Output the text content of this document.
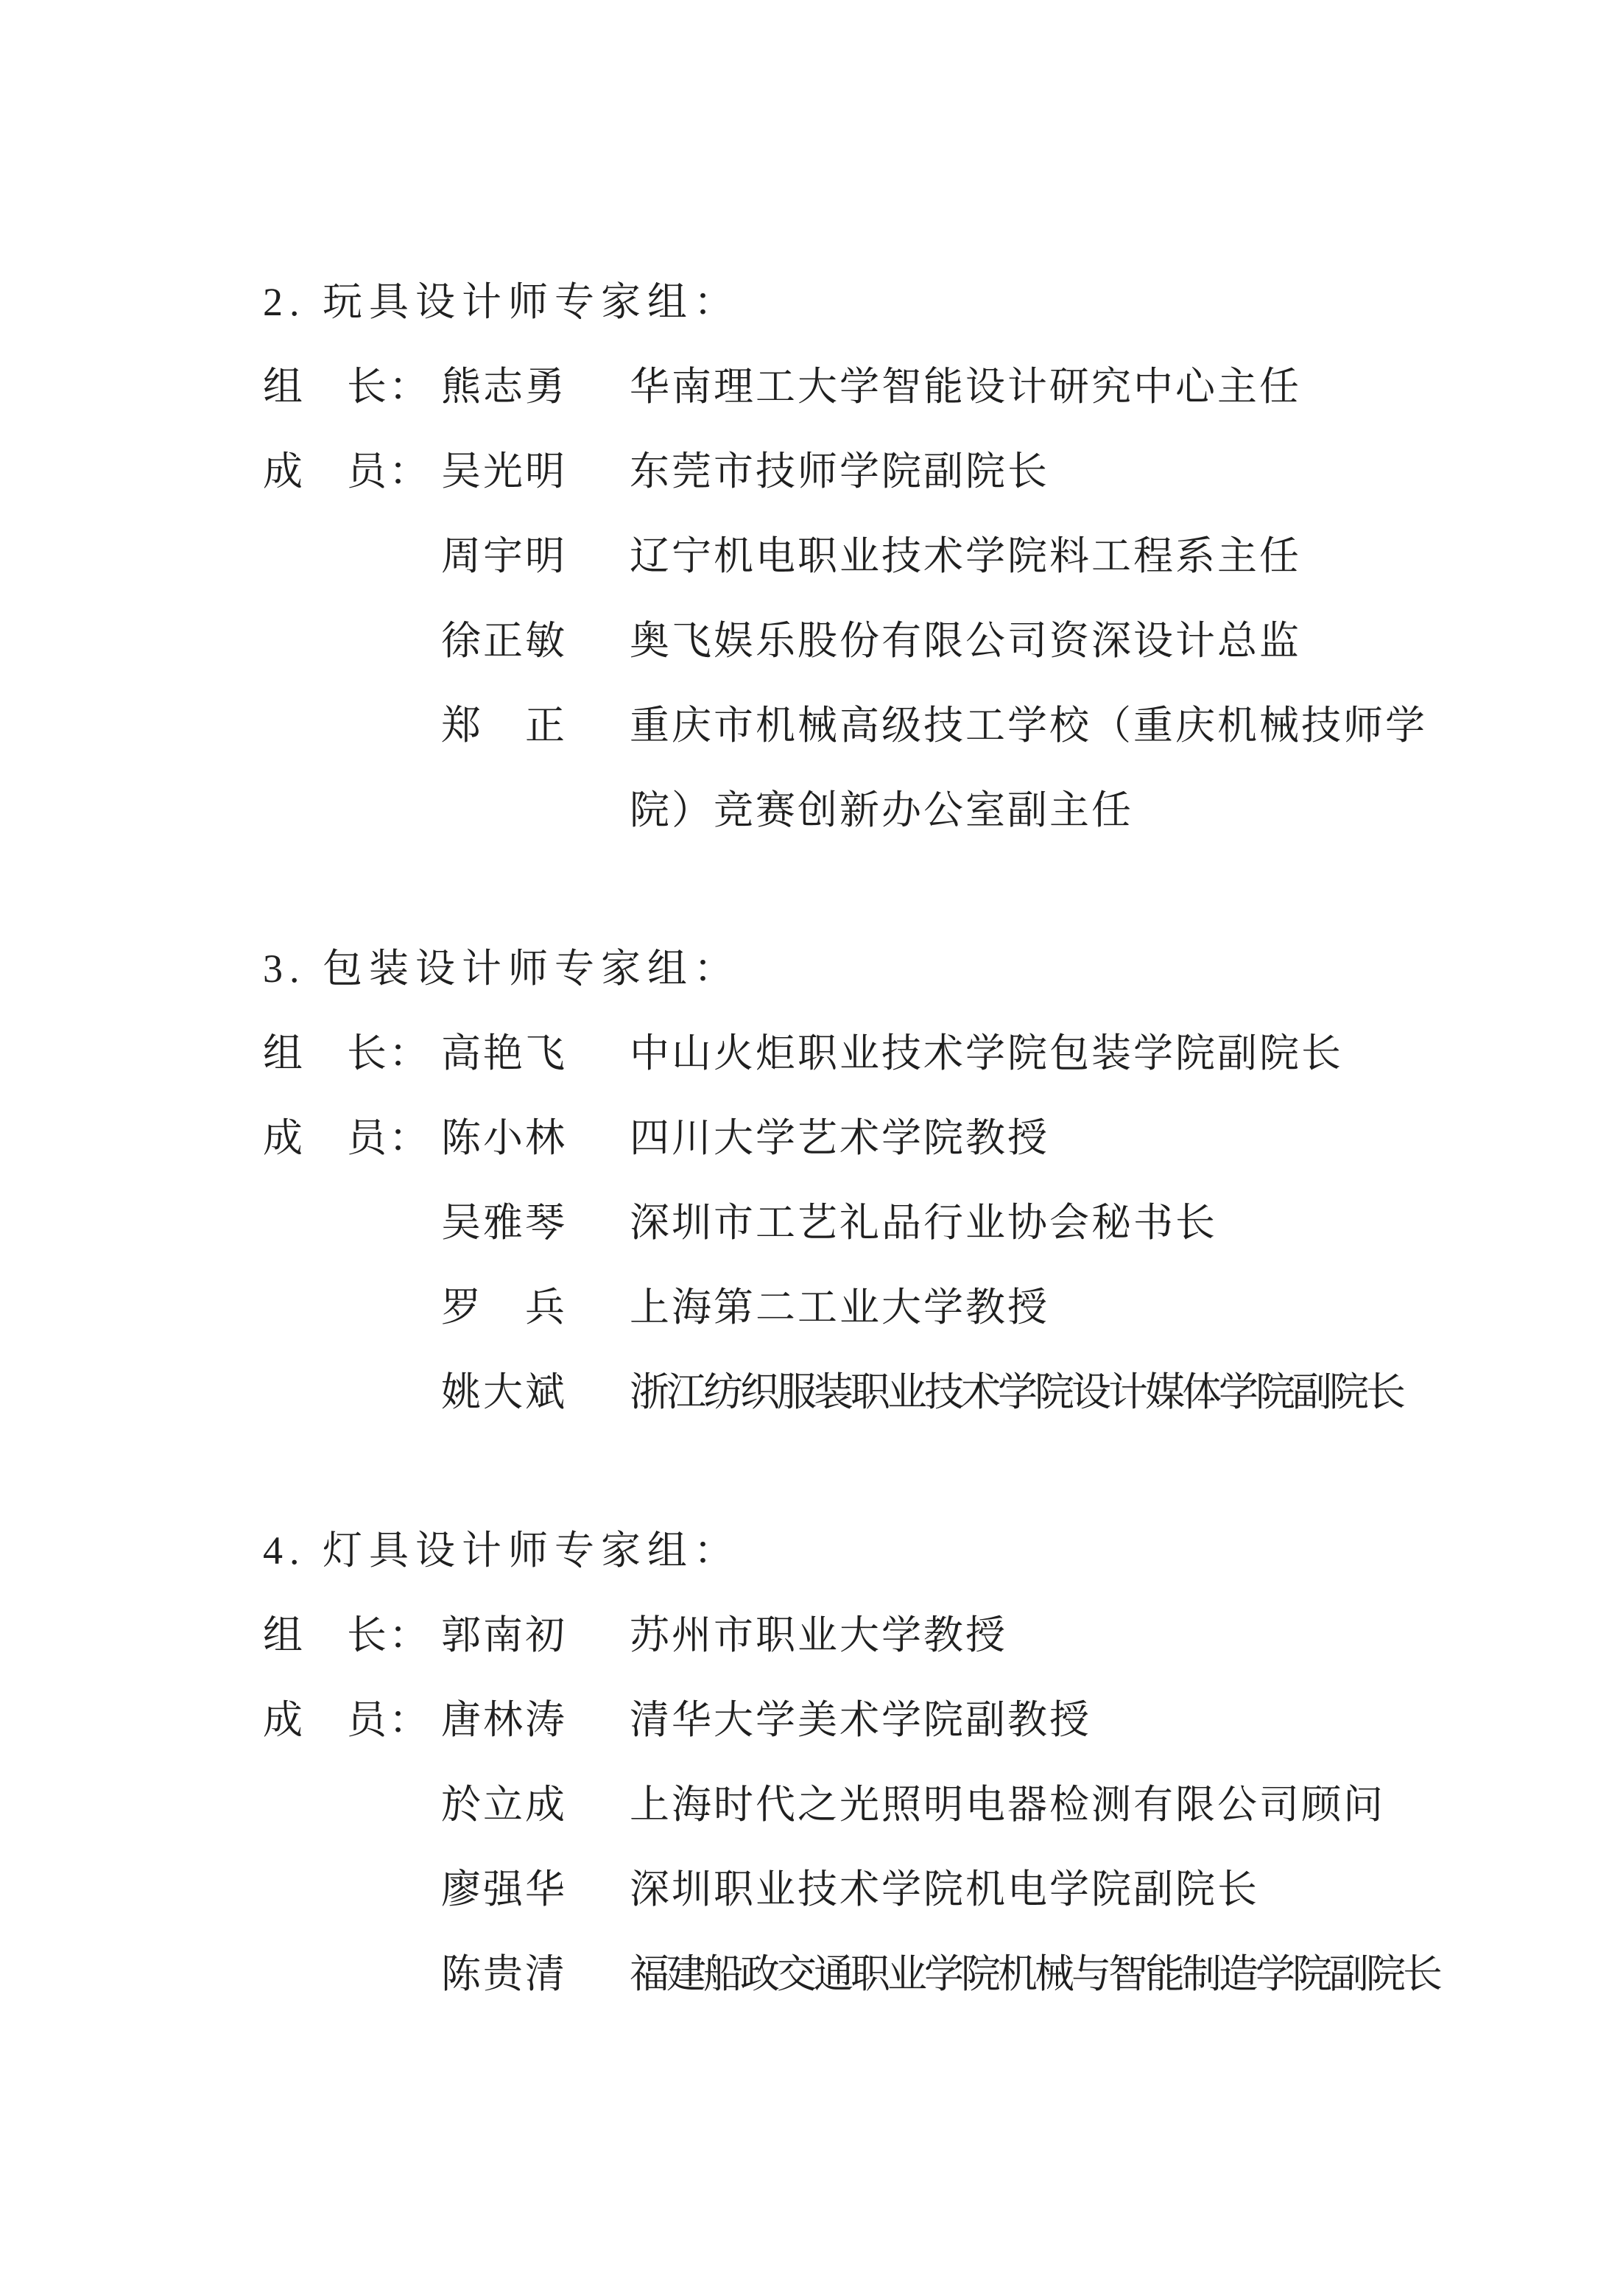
2. 玩具设计师专家组：
组　长： 熊志勇	华南理工大学智能设计研究中心主任
成　员： 吴光明	东莞市技师学院副院长
周宇明	辽宁机电职业技术学院料工程系主任
徐正敏	奥飞娱乐股份有限公司资深设计总监
郑　正	重庆市机械高级技工学校（重庆机械技师学院）竞赛创新办公室副主任
3. 包装设计师专家组：
组　长： 高艳飞	中山火炬职业技术学院包装学院副院长
成　员： 陈小林	四川大学艺术学院教授
吴雅琴	深圳市工艺礼品行业协会秘书长
罗　兵	上海第二工业大学教授
姚大斌	浙江纺织服装职业技术学院设计媒体学院副院长
4. 灯具设计师专家组：
组　长： 郭南初	苏州市职业大学教授
成　员： 唐林涛	清华大学美术学院副教授
於立成	上海时代之光照明电器检测有限公司顾问
廖强华	深圳职业技术学院机电学院副院长
陈贵清	福建船政交通职业学院机械与智能制造学院副院长
